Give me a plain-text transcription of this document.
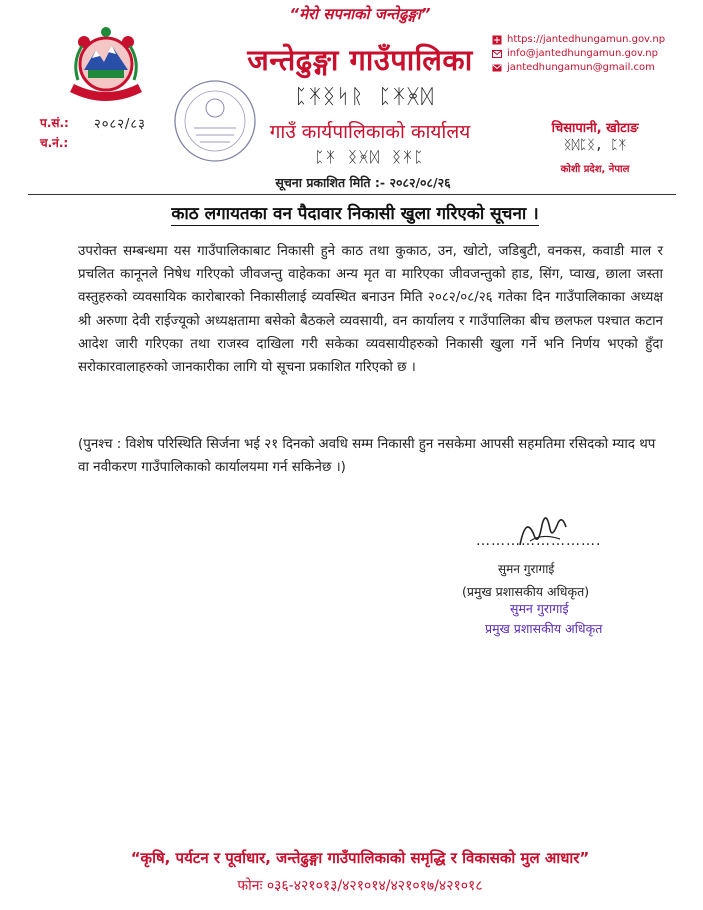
“मेरो सपनाको जन्तेढुङ्गा”
जन्तेढुङ्गा गाउँपालिका
ᛈᛡᛝᛋᚱ ᛈᛡᚸᛞ
गाउँ कार्यपालिकाको कार्यालय
ᛈᛡ ᛝᚸᛞ ᛝᛡᛈ
सूचना प्रकाशित मिति :- २०८२/०८/२६
https://jantedhungamun.gov.np
info@jantedhungamun.gov.np
jantedhungamun@gmail.com
प.सं.: २०८२/८३
च.नं.:
चिसापानी, खोटाङ
ᛝᛞᛈᛝ, ᛈᛡ
कोशी प्रदेश, नेपाल
काठ लगायतका वन पैदावार निकासी खुला गरिएको सूचना ।
उपरोक्त सम्बन्धमा यस गाउँपालिकाबाट निकासी हुने काठ तथा कुकाठ, उन, खोटो, जडिबुटी, वनकस, कवाडी माल र प्रचलित कानूनले निषेध गरिएको जीवजन्तु वाहेकका अन्य मृत वा मारिएका जीवजन्तुको हाड, सिंग, प्वाख, छाला जस्ता वस्तुहरुको व्यवसायिक कारोबारको निकासीलाई व्यवस्थित बनाउन मिति २०८२/०८/२६ गतेका दिन गाउँपालिकाका अध्यक्ष श्री अरुणा देवी राईज्यूको अध्यक्षतामा बसेको बैठकले व्यवसायी, वन कार्यालय र गाउँपालिका बीच छलफल पश्चात कटान आदेश जारी गरिएका तथा राजस्व दाखिला गरी सकेका व्यवसायीहरुको निकासी खुला गर्ने भनि निर्णय भएको हुँदा सरोकारवालाहरुको जानकारीका लागि यो सूचना प्रकाशित गरिएको छ ।
(पुनश्च : विशेष परिस्थिति सिर्जना भई २१ दिनको अवधि सम्म निकासी हुन नसकेमा आपसी सहमतिमा रसिदको म्याद थप वा नवीकरण गाउँपालिकाको कार्यालयमा गर्न सकिनेछ ।)
…………………….
सुमन गुरागाई
(प्रमुख प्रशासकीय अधिकृत)
सुमन गुरागाई
प्रमुख प्रशासकीय अधिकृत
“कृषि, पर्यटन र पूर्वाधार, जन्तेढुङ्गा गाउँपालिकाको समृद्धि र विकासको मुल आधार”
फोनः ०३६-४२१०१३/४२१०१४/४२१०१७/४२१०१८
